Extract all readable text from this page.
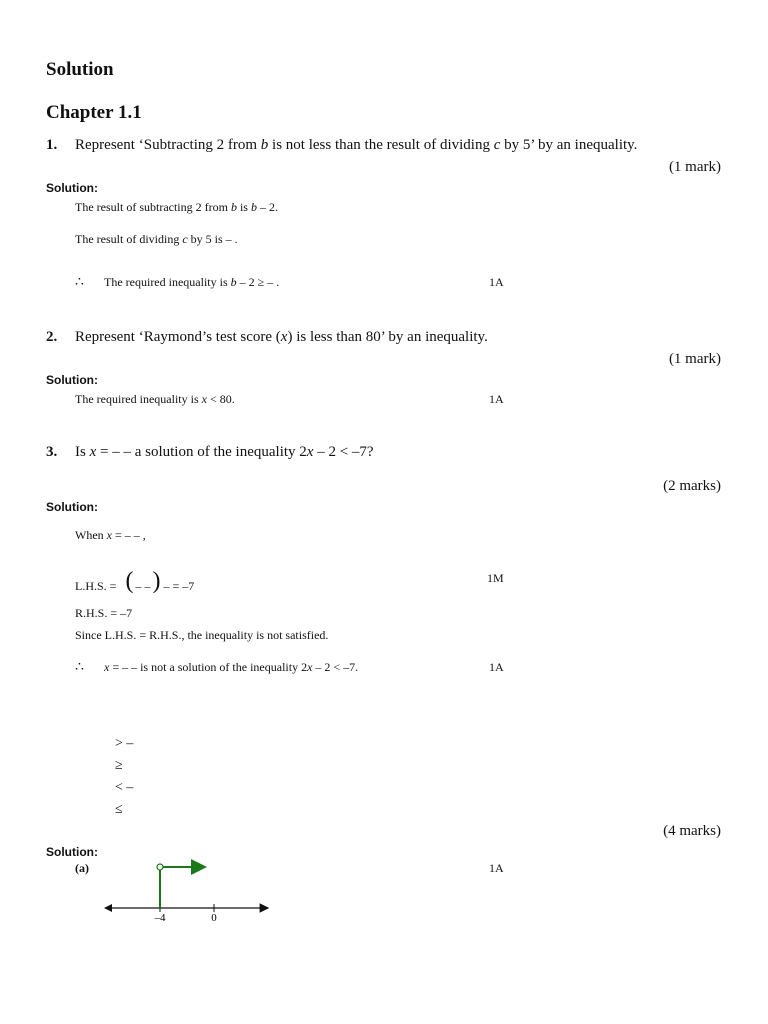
Solution
Chapter 1.1
1. Represent ‘Subtracting 2 from b is not less than the result of dividing c by 5’ by an inequality.
(1 mark)
Solution:
The result of subtracting 2 from b is b – 2.
The result of dividing c by 5 is – .
∴ The required inequality is b – 2 ≥ – .	1A
2. Represent ‘Raymond’s test score (x) is less than 80’ by an inequality.
(1 mark)
Solution:
The required inequality is x < 80.	1A
3. Is x = – – a solution of the inequality 2x – 2 < –7?
(2 marks)
Solution:
When x = – – ,
L.H.S. = ( – –) – = –7
1M
R.H.S. = –7
Since L.H.S. = R.H.S., the inequality is not satisfied.
∴ x = – – is not a solution of the inequality 2x – 2 < –7.	1A
> –
≥
< –
≤
(4 marks)
Solution:
(a)	1A
–4	0
